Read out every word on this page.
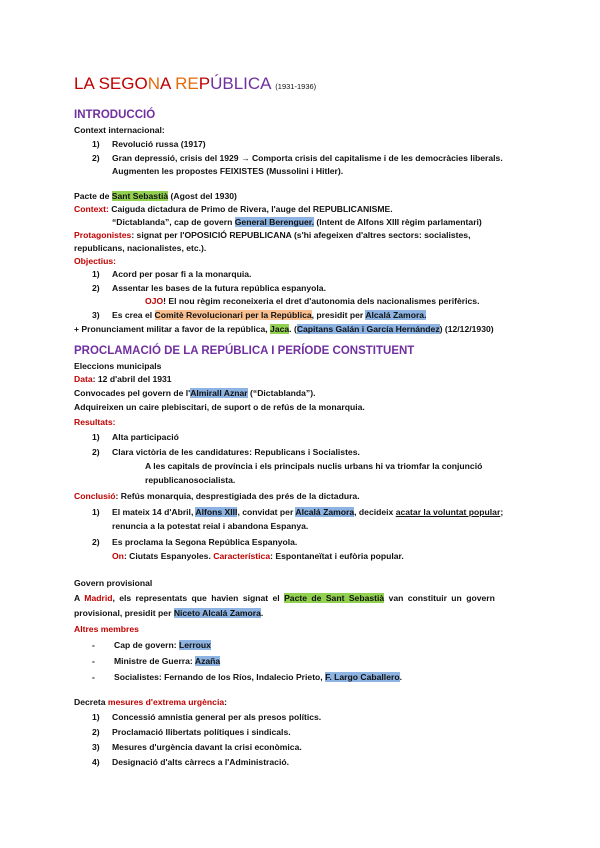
LA SEGONA REPÚBLICA (1931-1936)
INTRODUCCIÓ
Context internacional:
1) Revolució russa (1917)
2) Gran depressió, crisis del 1929 → Comporta crisis del capitalisme i de les democràcies liberals.
Augmenten les propostes FEIXISTES (Mussolini i Hitler).
Pacte de Sant Sebastià (Agost del 1930)
Context: Caiguda dictadura de Primo de Rivera, l'auge del REPUBLICANISME.
“Dictablanda”, cap de govern General Berenguer. (Intent de Alfons XIII règim parlamentari)
Protagonistes: signat per l'OPOSICIÓ REPUBLICANA (s'hi afegeixen d'altres sectors: socialistes,
republicans, nacionalistes, etc.).
Objectius:
1) Acord per posar fi a la monarquia.
2) Assentar les bases de la futura república espanyola.
OJO! El nou règim reconeixeria el dret d'autonomia dels nacionalismes perifèrics.
3) Es crea el Comitè Revolucionari per la República, presidit per Alcalá Zamora.
+ Pronunciament militar a favor de la república, Jaca. (Capitans Galán i García Hernández) (12/12/1930)
PROCLAMACIÓ DE LA REPÚBLICA I PERÍODE CONSTITUENT
Eleccions municipals
Data: 12 d'abril del 1931
Convocades pel govern de l'Almirall Aznar (“Dictablanda”).
Adquireixen un caire plebiscitari, de suport o de refús de la monarquia.
Resultats:
1) Alta participació
2) Clara victòria de les candidatures: Republicans i Socialistes.
A les capitals de província i els principals nuclis urbans hi va triomfar la conjunció
republicanosocialista.
Conclusió: Refús monarquia, desprestigiada des prés de la dictadura.
1) El mateix 14 d'Abril, Alfons XIII, convidat per Alcalá Zamora, decideix acatar la voluntat popular;
renuncia a la potestat reial i abandona Espanya.
2) Es proclama la Segona República Espanyola.
On: Ciutats Espanyoles. Característica: Espontaneïtat i eufòria popular.
Govern provisional
A Madrid, els representats que havien signat el Pacte de Sant Sebastià van constituir un govern
provisional, presidit per Niceto Alcalá Zamora.
Altres membres
- Cap de govern: Lerroux
- Ministre de Guerra: Azaña
- Socialistes: Fernando de los Ríos, Indalecio Prieto, F. Largo Caballero.
Decreta mesures d'extrema urgència:
1) Concessió amnistia general per als presos polítics.
2) Proclamació llibertats polítiques i sindicals.
3) Mesures d'urgència davant la crisi econòmica.
4) Designació d'alts càrrecs a l'Administració.
